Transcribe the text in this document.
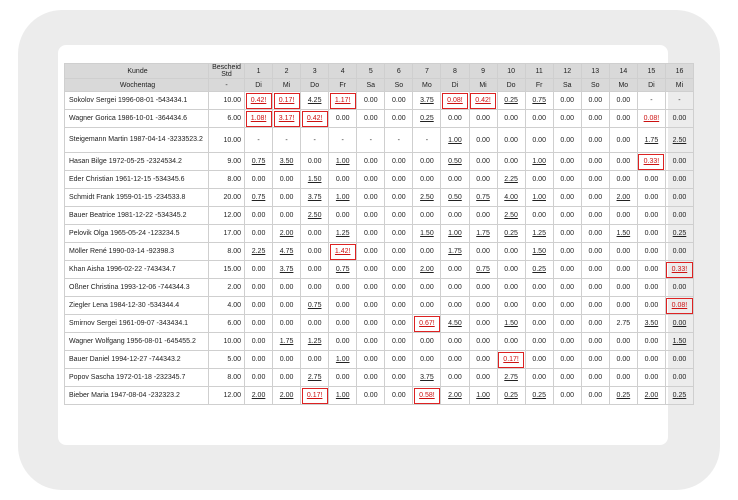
Kunde	Bescheid Std	1	2	3	4	5	6	7	8	9	10	11	12	13	14	15	16
Wochentag	-	Di	Mi	Do	Fr	Sa	So	Mo	Di	Mi	Do	Fr	Sa	So	Mo	Di	Mi
Sokolov Sergei 1996-08-01 -543434.1	10.00	0.42!	0.17!	4.25	1.17!	0.00	0.00	3.75	0.08!	0.42!	0.25	0.75	0.00	0.00	0.00	-	-
Wagner Gorica 1986-10-01 -364434.6	6.00	1.08!	3.17!	0.42!	0.00	0.00	0.00	0.25	0.00	0.00	0.00	0.00	0.00	0.00	0.00	0.08!	0.00
Steigemann Martin 1987-04-14 -3233523.2	10.00	-	-	-	-	-	-	-	1.00	0.00	0.00	0.00	0.00	0.00	0.00	1.75	2.50
Hasan Bilge 1972-05-25 -2324534.2	9.00	0.75	3.50	0.00	1.00	0.00	0.00	0.00	0.50	0.00	0.00	1.00	0.00	0.00	0.00	0.33!	0.00
Eder Christian 1961-12-15 -534345.6	8.00	0.00	0.00	1.50	0.00	0.00	0.00	0.00	0.00	0.00	2.25	0.00	0.00	0.00	0.00	0.00	0.00
Schmidt Frank 1959-01-15 -234533.8	20.00	0.75	0.00	3.75	1.00	0.00	0.00	2.50	0.50	0.75	4.00	1.00	0.00	0.00	2.00	0.00	0.00
Bauer Beatrice 1981-12-22 -534345.2	12.00	0.00	0.00	2.50	0.00	0.00	0.00	0.00	0.00	0.00	2.50	0.00	0.00	0.00	0.00	0.00	0.00
Pelovik Olga 1965-05-24 -123234.5	17.00	0.00	2.00	0.00	1.25	0.00	0.00	1.50	1.00	1.75	0.25	1.25	0.00	0.00	1.50	0.00	0.25
Möller René 1990-03-14 -92398.3	8.00	2.25	4.75	0.00	1.42!	0.00	0.00	0.00	1.75	0.00	0.00	1.50	0.00	0.00	0.00	0.00	0.00
Khan Aisha 1996-02-22 -743434.7	15.00	0.00	3.75	0.00	0.75	0.00	0.00	2.00	0.00	0.75	0.00	0.25	0.00	0.00	0.00	0.00	0.33!
Oßner Christina 1993-12-06 -744344.3	2.00	0.00	0.00	0.00	0.00	0.00	0.00	0.00	0.00	0.00	0.00	0.00	0.00	0.00	0.00	0.00	0.00
Ziegler Lena 1984-12-30 -534344.4	4.00	0.00	0.00	0.75	0.00	0.00	0.00	0.00	0.00	0.00	0.00	0.00	0.00	0.00	0.00	0.00	0.08!
Smirnov Sergei 1961-09-07 -343434.1	6.00	0.00	0.00	0.00	0.00	0.00	0.00	0.67!	4.50	0.00	1.50	0.00	0.00	0.00	2.75	3.50	0.00
Wagner Wolfgang 1956-08-01 -645455.2	10.00	0.00	1.75	1.25	0.00	0.00	0.00	0.00	0.00	0.00	0.00	0.00	0.00	0.00	0.00	0.00	1.50
Bauer Daniel 1994-12-27 -744343.2	5.00	0.00	0.00	0.00	1.00	0.00	0.00	0.00	0.00	0.00	0.17!	0.00	0.00	0.00	0.00	0.00	0.00
Popov Sascha 1972-01-18 -232345.7	8.00	0.00	0.00	2.75	0.00	0.00	0.00	3.75	0.00	0.00	2.75	0.00	0.00	0.00	0.00	0.00	0.00
Bieber Maria 1947-08-04 -232323.2	12.00	2.00	2.00	0.17!	1.00	0.00	0.00	0.58!	2.00	1.00	0.25	0.25	0.00	0.00	0.25	2.00	0.25
